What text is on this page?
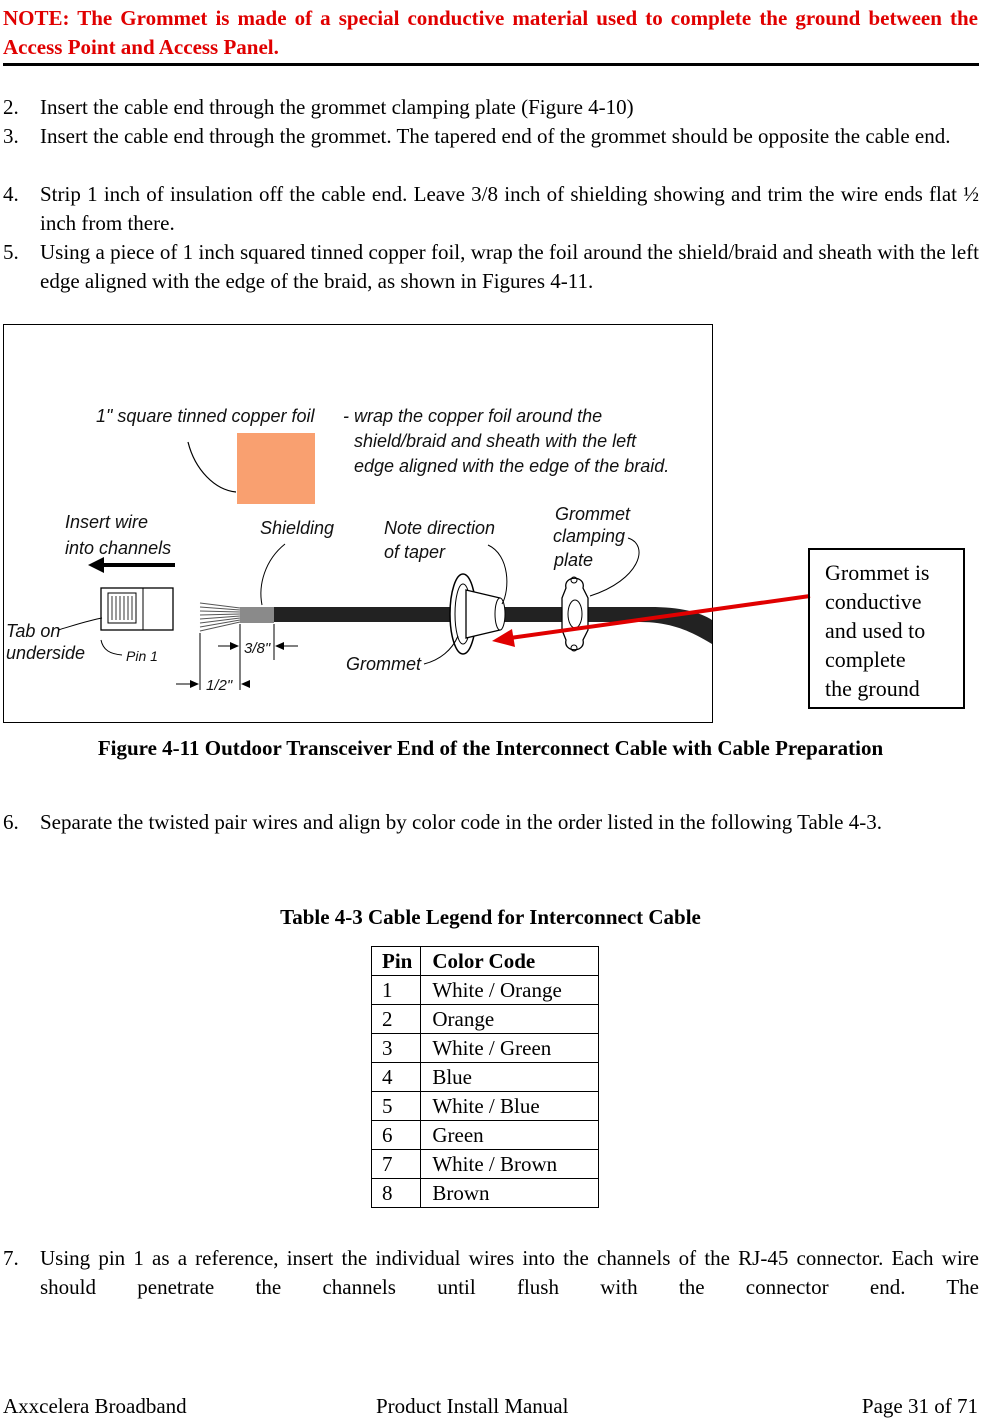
NOTE: The Grommet is made of a special conductive material used to complete the ground between the Access Point and Access Panel.
2. Insert the cable end through the grommet clamping plate (Figure 4-10)
3. Insert the cable end through the grommet. The tapered end of the grommet should be opposite the cable end.
4. Strip 1 inch of insulation off the cable end. Leave 3/8 inch of shielding showing and trim the wire ends flat ½ inch from there.
5. Using a piece of 1 inch squared tinned copper foil, wrap the foil around the shield/braid and sheath with the left edge aligned with the edge of the braid, as shown in Figures 4-11.
1" square tinned copper foil - wrap the copper foil around the
shield/braid and sheath with the left
edge aligned with the edge of the braid.
Insert wire
into channels
Tab on
underside	Pin 1
Shielding
3/8"
1/2"
Grommet
Note direction
of taper
Grommet
clamping
plate	Grommet is
conductive
and used to
complete
the ground
Figure 4-11 Outdoor Transceiver End of the Interconnect Cable with Cable Preparation
6. Separate the twisted pair wires and align by color code in the order listed in the following Table 4-3.
Table 4-3 Cable Legend for Interconnect Cable
Pin	Color Code
1	White / Orange
2	Orange
3	White / Green
4	Blue
5	White / Blue
6	Green
7	White / Brown
8	Brown
7. Using pin 1 as a reference, insert the individual wires into the channels of the RJ-45 connector. Each wire should penetrate the channels until flush with the connector end. The
Axxcelera Broadband	Product Install Manual	Page 31 of 71
